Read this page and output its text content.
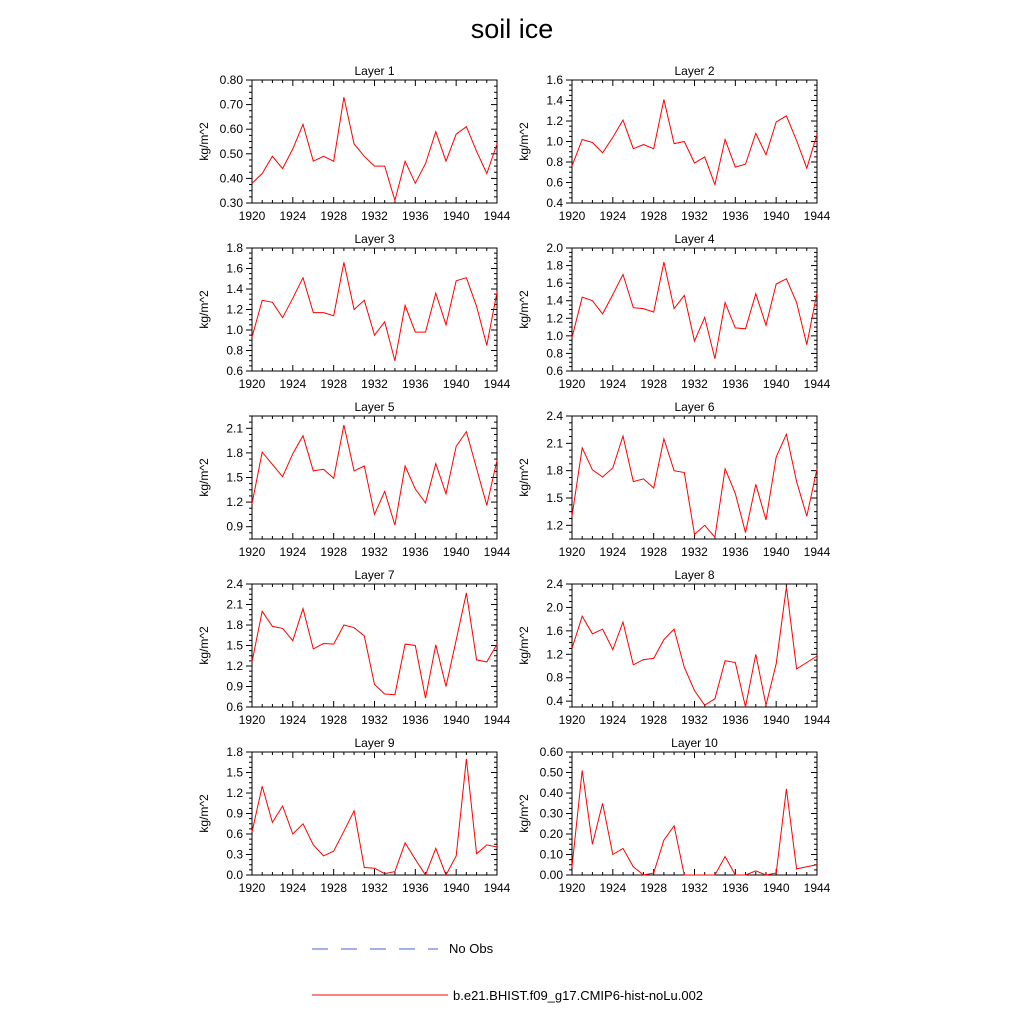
soil ice
Layer 1
kg/m^2
1920 1924 1928 1932 1936 1940 1944
0.30
0.40
0.50
0.60
0.70
0.80
Layer 2
kg/m^2
1920 1924 1928 1932 1936 1940 1944
0.4
0.6
0.8
1.0
1.2
1.4
1.6
Layer 3
kg/m^2
1920 1924 1928 1932 1936 1940 1944
0.6
0.8
1.0
1.2
1.4
1.6
1.8
Layer 4
kg/m^2
1920 1924 1928 1932 1936 1940 1944
0.6
0.8
1.0
1.2
1.4
1.6
1.8
2.0
Layer 5
kg/m^2
1920 1924 1928 1932 1936 1940 1944
0.9
1.2
1.5
1.8
2.1
Layer 6
kg/m^2
1920 1924 1928 1932 1936 1940 1944
1.2
1.5
1.8
2.1
2.4
Layer 7
kg/m^2
1920 1924 1928 1932 1936 1940 1944
0.6
0.9
1.2
1.5
1.8
2.1
2.4
Layer 8
kg/m^2
1920 1924 1928 1932 1936 1940 1944
0.4
0.8
1.2
1.6
2.0
2.4
Layer 9
kg/m^2
1920 1924 1928 1932 1936 1940 1944
0.0
0.3
0.6
0.9
1.2
1.5
1.8
Layer 10
kg/m^2
1920 1924 1928 1932 1936 1940 1944
0.00
0.10
0.20
0.30
0.40
0.50
0.60
No Obs
b.e21.BHIST.f09_g17.CMIP6-hist-noLu.002
